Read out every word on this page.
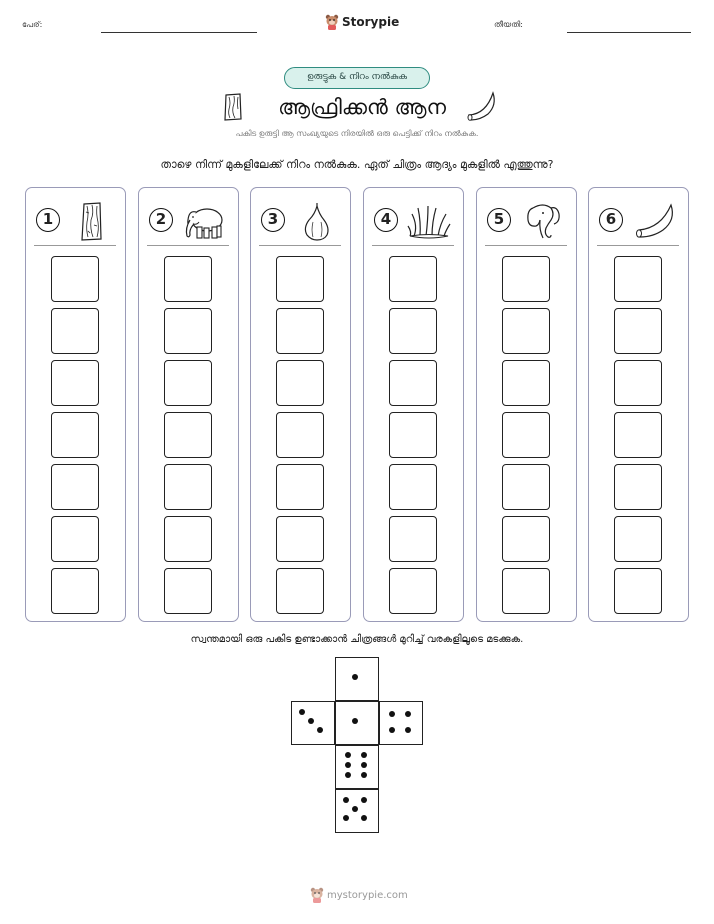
പേര്:	Storypie	തീയതി:
ഉരുട്ടുക & നിറം നൽകുക
ആഫ്രിക്കൻ ആന
പകിട ഉരുട്ടി ആ സംഖ്യയുടെ നിരയിൽ ഒരു പെട്ടിക്ക് നിറം നൽകുക.
താഴെ നിന്ന് മുകളിലേക്ക് നിറം നൽകുക. ഏത് ചിത്രം ആദ്യം മുകളിൽ എത്തുന്നു?
1	2	3	4	5	6
സ്വന്തമായി ഒരു പകിട ഉണ്ടാക്കാൻ ചിത്രങ്ങൾ മുറിച്ച് വരകളിലൂടെ മടക്കുക.
mystorypie.com
